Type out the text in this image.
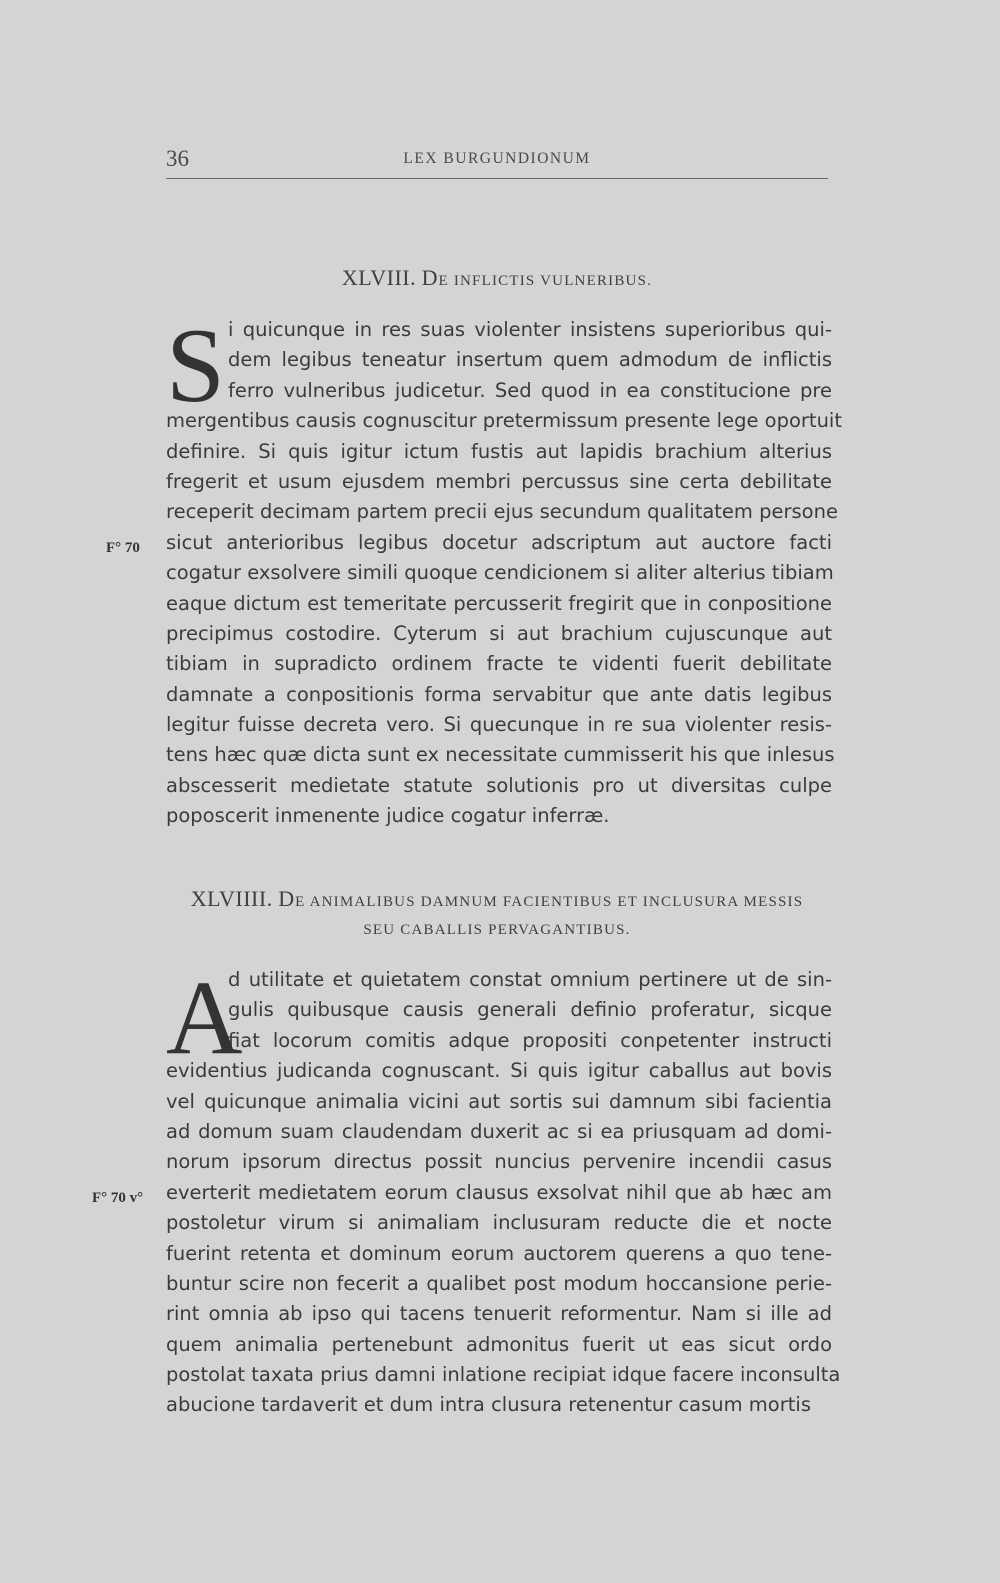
36	LEX BURGUNDIONUM
XLVIII. DE INFLICTIS VULNERIBUS.
F° 70
S i quicunque in res suas violenter insistens superioribus qui-
dem legibus teneatur insertum quem admodum de inflictis
ferro vulneribus judicetur. Sed quod in ea constitucione pre
mergentibus causis cognuscitur pretermissum presente lege oportuit
definire. Si quis igitur ictum fustis aut lapidis brachium alterius
fregerit et usum ejusdem membri percussus sine certa debilitate
receperit decimam partem precii ejus secundum qualitatem persone
sicut anterioribus legibus docetur adscriptum aut auctore facti
cogatur exsolvere simili quoque cendicionem si aliter alterius tibiam
eaque dictum est temeritate percusserit fregirit que in conpositione
precipimus costodire. Cyterum si aut brachium cujuscunque aut
tibiam in supradicto ordinem fracte te videnti fuerit debilitate
damnate a conpositionis forma servabitur que ante datis legibus
legitur fuisse decreta vero. Si quecunque in re sua violenter resis-
tens hæc quæ dicta sunt ex necessitate cummisserit his que inlesus
abscesserit medietate statute solutionis pro ut diversitas culpe
poposcerit inmenente judice cogatur inferræ.
XLVIIII. DE ANIMALIBUS DAMNUM FACIENTIBUS ET INCLUSURA MESSIS
SEU CABALLIS PERVAGANTIBUS.
F° 70 v°
A
d utilitate et quietatem constat omnium pertinere ut de sin-
gulis quibusque causis generali definio proferatur, sicque
fiat locorum comitis adque propositi conpetenter instructi
evidentius judicanda cognuscant. Si quis igitur caballus aut bovis
vel quicunque animalia vicini aut sortis sui damnum sibi facientia
ad domum suam claudendam duxerit ac si ea priusquam ad domi-
norum ipsorum directus possit nuncius pervenire incendii casus
everterit medietatem eorum clausus exsolvat nihil que ab hæc am
postoletur virum si animaliam inclusuram reducte die et nocte
fuerint retenta et dominum eorum auctorem querens a quo tene-
buntur scire non fecerit a qualibet post modum hoccansione perie-
rint omnia ab ipso qui tacens tenuerit reformentur. Nam si ille ad
quem animalia pertenebunt admonitus fuerit ut eas sicut ordo
postolat taxata prius damni inlatione recipiat idque facere inconsulta
abucione tardaverit et dum intra clusura retenentur casum mortis
